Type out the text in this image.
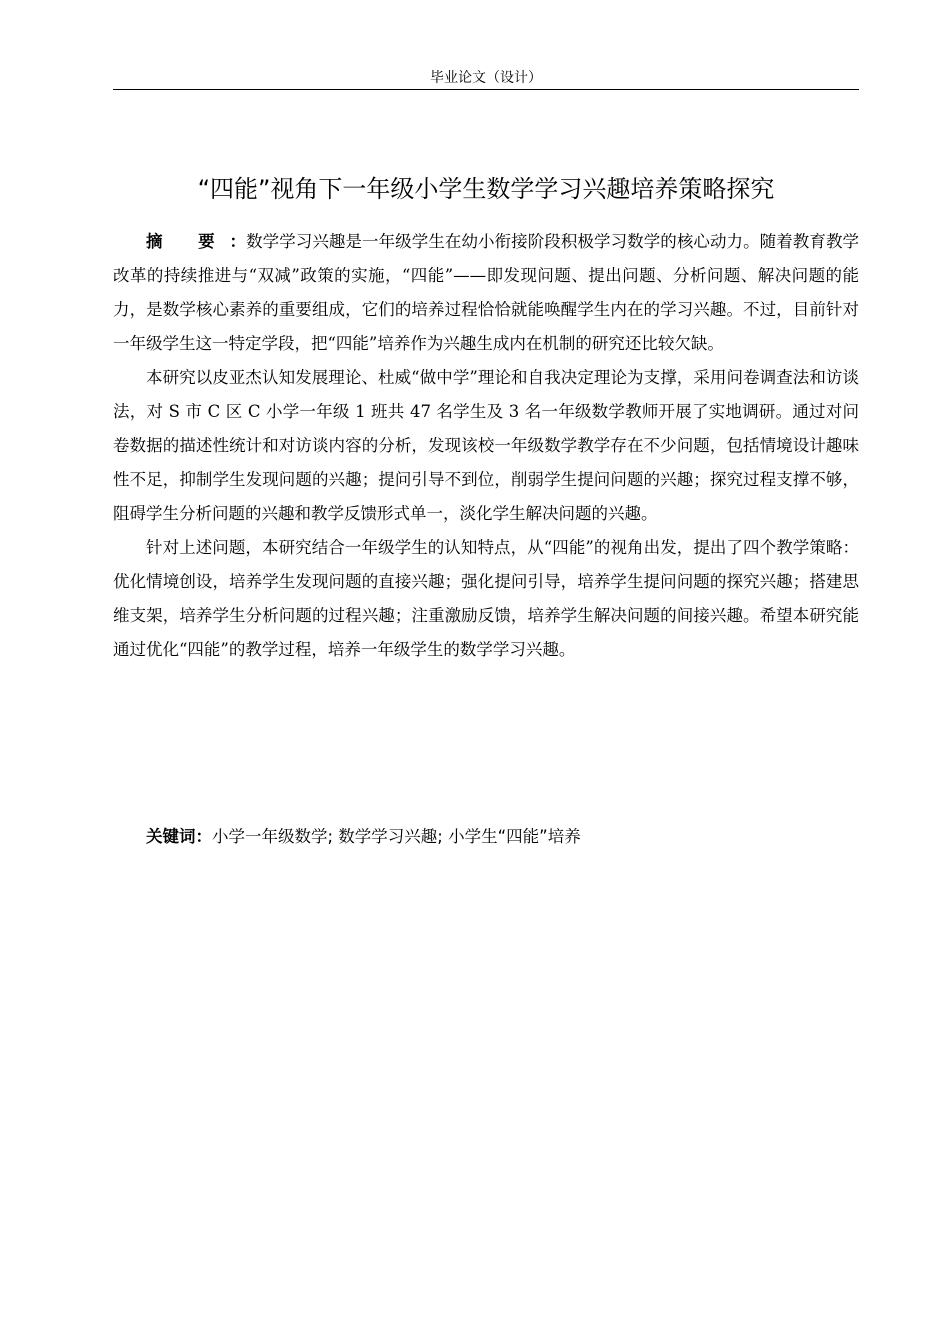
毕业论文（设计）
“四能”视角下一年级小学生数学学习兴趣培养策略探究

摘 要：数学学习兴趣是一年级学生在幼小衔接阶段积极学习数学的核心动力。随着教育教学改革的持续推进与“双减”政策的实施，“四能”——即发现问题、提出问题、分析问题、解决问题的能力，是数学核心素养的重要组成，它们的培养过程恰恰就能唤醒学生内在的学习兴趣。不过，目前针对一年级学生这一特定学段，把“四能”培养作为兴趣生成内在机制的研究还比较欠缺。

本研究以皮亚杰认知发展理论、杜威“做中学”理论和自我决定理论为支撑，采用问卷调查法和访谈法，对 S 市 C 区 C 小学一年级 1 班共 47 名学生及 3 名一年级数学教师开展了实地调研。通过对问卷数据的描述性统计和对访谈内容的分析，发现该校一年级数学教学存在不少问题，包括情境设计趣味性不足，抑制学生发现问题的兴趣；提问引导不到位，削弱学生提问问题的兴趣；探究过程支撑不够，阻碍学生分析问题的兴趣和教学反馈形式单一，淡化学生解决问题的兴趣。

针对上述问题，本研究结合一年级学生的认知特点，从“四能”的视角出发，提出了四个教学策略：优化情境创设，培养学生发现问题的直接兴趣；强化提问引导，培养学生提问问题的探究兴趣；搭建思维支架，培养学生分析问题的过程兴趣；注重激励反馈，培养学生解决问题的间接兴趣。希望本研究能通过优化“四能”的教学过程，培养一年级学生的数学学习兴趣。

关键词：小学一年级数学; 数学学习兴趣; 小学生“四能”培养
